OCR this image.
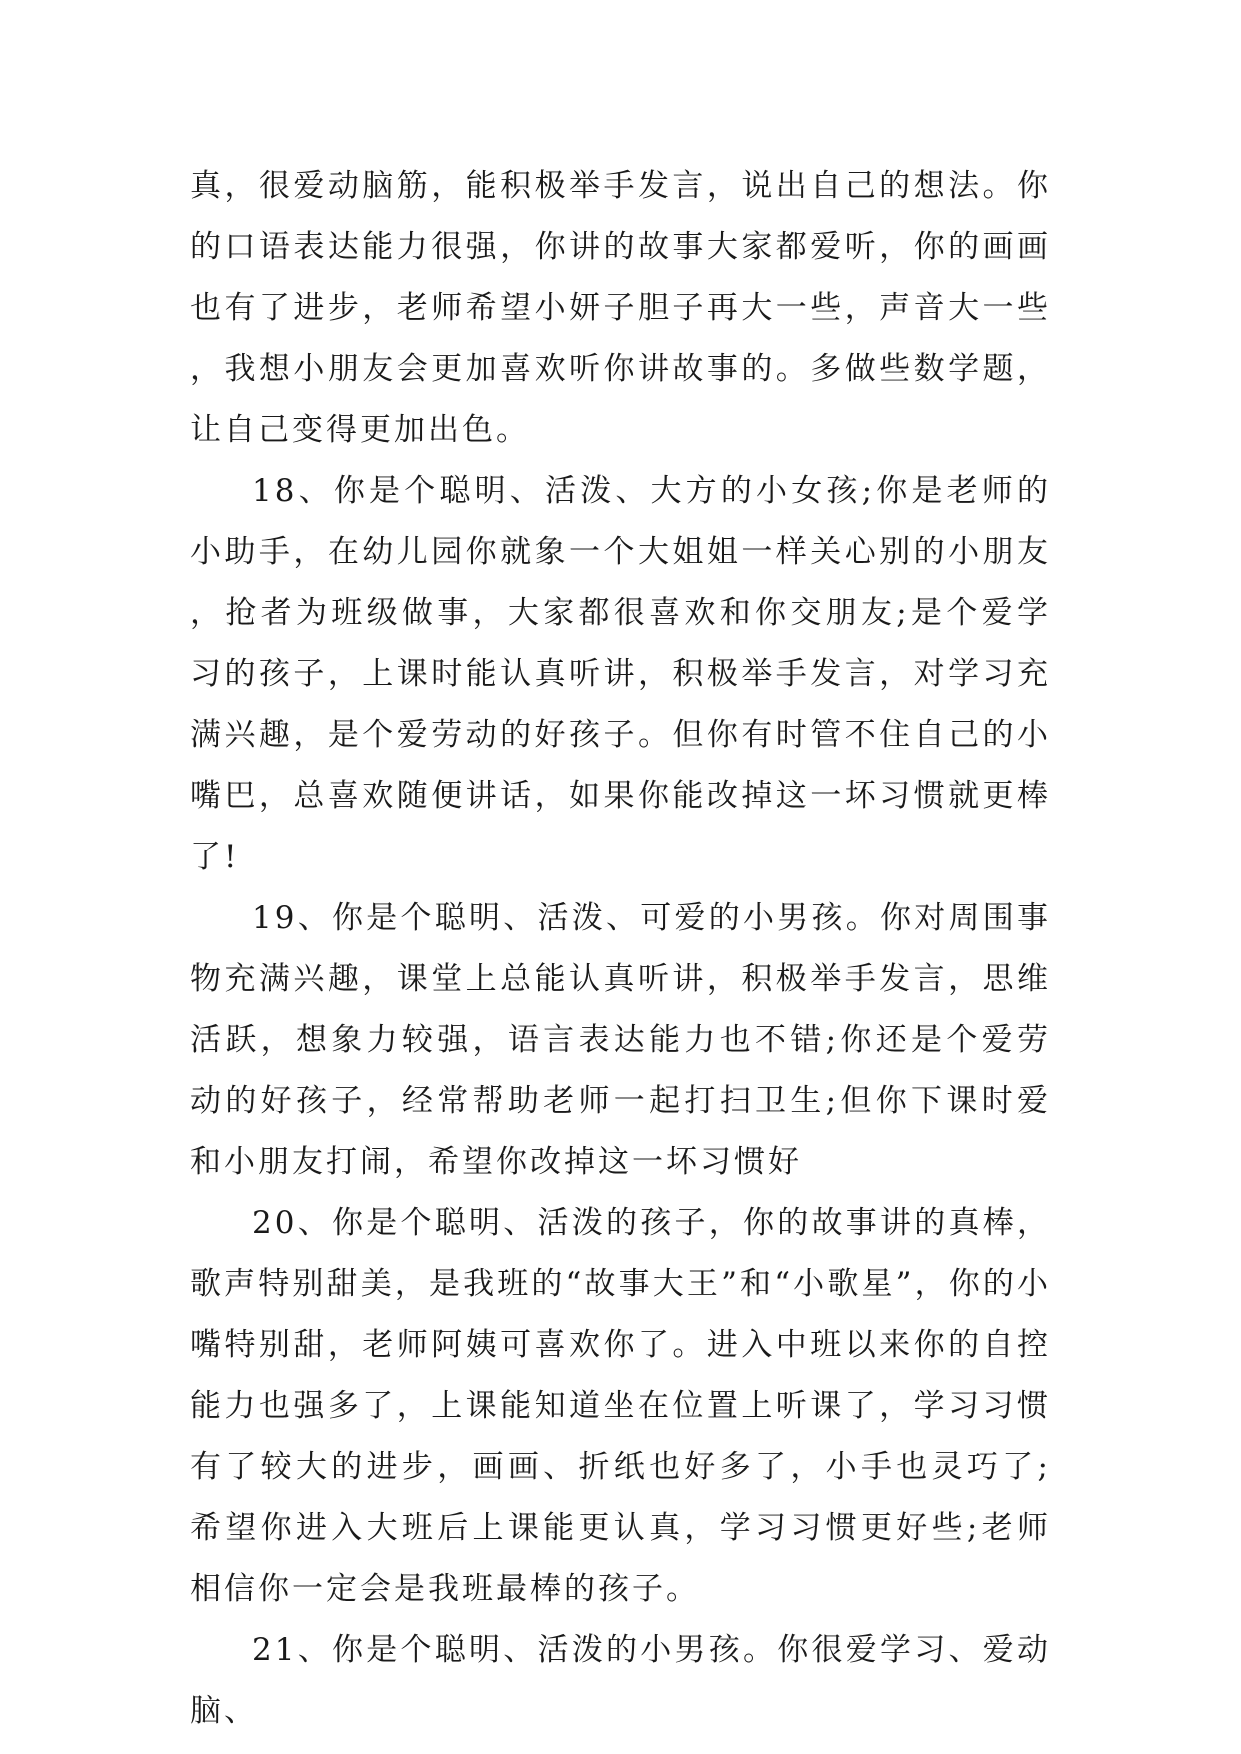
真，很爱动脑筋，能积极举手发言，说出自己的想法。你的口语表达能力很强，你讲的故事大家都爱听，你的画画也有了进步，老师希望小妍子胆子再大一些，声音大一些，我想小朋友会更加喜欢听你讲故事的。多做些数学题，让自己变得更加出色。

18、你是个聪明、活泼、大方的小女孩;你是老师的小助手，在幼儿园你就象一个大姐姐一样关心别的小朋友，抢者为班级做事，大家都很喜欢和你交朋友;是个爱学习的孩子，上课时能认真听讲，积极举手发言，对学习充满兴趣，是个爱劳动的好孩子。但你有时管不住自己的小嘴巴，总喜欢随便讲话，如果你能改掉这一坏习惯就更棒了!

19、你是个聪明、活泼、可爱的小男孩。你对周围事物充满兴趣，课堂上总能认真听讲，积极举手发言，思维活跃，想象力较强，语言表达能力也不错;你还是个爱劳动的好孩子，经常帮助老师一起打扫卫生;但你下课时爱和小朋友打闹，希望你改掉这一坏习惯好

20、你是个聪明、活泼的孩子，你的故事讲的真棒，歌声特别甜美，是我班的“故事大王”和“小歌星”，你的小嘴特别甜，老师阿姨可喜欢你了。进入中班以来你的自控能力也强多了，上课能知道坐在位置上听课了，学习习惯有了较大的进步，画画、折纸也好多了，小手也灵巧了;希望你进入大班后上课能更认真，学习习惯更好些;老师相信你一定会是我班最棒的孩子。

21、你是个聪明、活泼的小男孩。你很爱学习、爱动脑、
